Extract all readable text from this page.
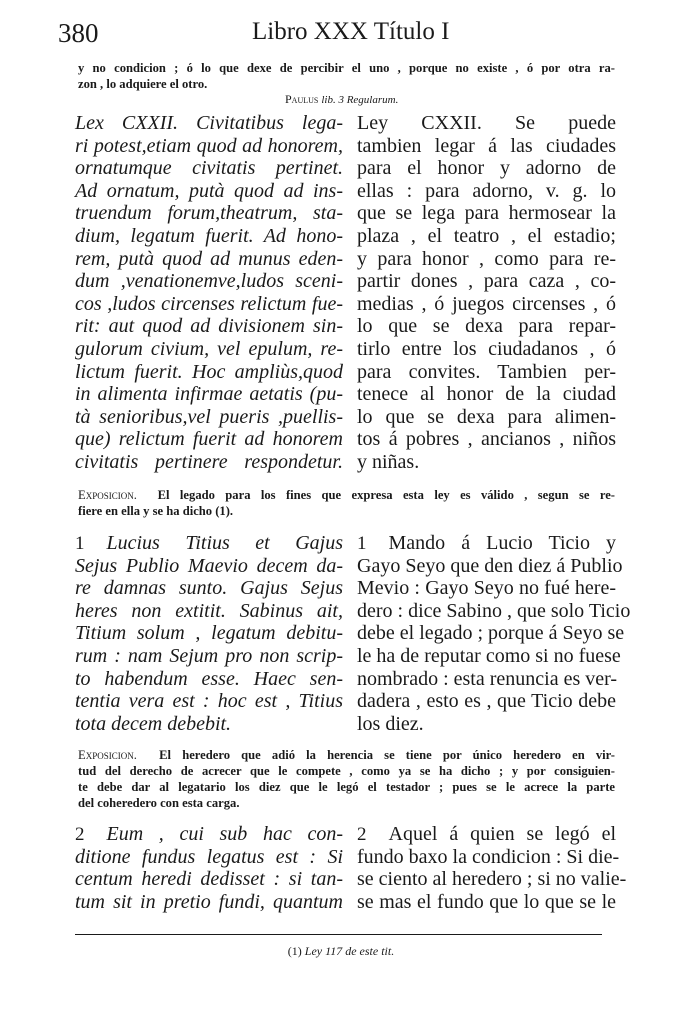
380	Libro XXX Título I
y no condicion ; ó lo que dexe de percibir el uno , porque no existe , ó por otra ra-
zon , lo adquiere el otro.
Paulus lib. 3 Regularum.
Lex CXXII. Civitatibus lega-
ri potest,etiam quod ad honorem,
ornatumque civitatis pertinet.
Ad ornatum, putà quod ad ins-
truendum forum,theatrum, sta-
dium, legatum fuerit. Ad hono-
rem, putà quod ad munus eden-
dum ,venationemve,ludos sceni-
cos ,ludos circenses relictum fue-
rit: aut quod ad divisionem sin-
gulorum civium, vel epulum, re-
lictum fuerit. Hoc ampliùs,quod
in alimenta infirmae aetatis (pu-
tà senioribus,vel pueris ,puellis-
que) relictum fuerit ad honorem
civitatis pertinere respondetur.
Ley CXXII. Se puede
tambien legar á las ciudades
para el honor y adorno de
ellas : para adorno, v. g. lo
que se lega para hermosear la
plaza , el teatro , el estadio;
y para honor , como para re-
partir dones , para caza , co-
medias , ó juegos circenses , ó
lo que se dexa para repar-
tirlo entre los ciudadanos , ó
para convites. Tambien per-
tenece al honor de la ciudad
lo que se dexa para alimen-
tos á pobres , ancianos , niños
y niñas.
Exposicion. El legado para los fines que expresa esta ley es válido , segun se re-
fiere en ella y se ha dicho (1).
1 Lucius Titius et Gajus
Sejus Publio Maevio decem da-
re damnas sunto. Gajus Sejus
heres non extitit. Sabinus ait,
Titium solum , legatum debitu-
rum : nam Sejum pro non scrip-
to habendum esse. Haec sen-
tentia vera est : hoc est , Titius
tota decem debebit.
1 Mando á Lucio Ticio y
Gayo Seyo que den diez á Publio
Mevio : Gayo Seyo no fué here-
dero : dice Sabino , que solo Ticio
debe el legado ; porque á Seyo se
le ha de reputar como si no fuese
nombrado : esta renuncia es ver-
dadera , esto es , que Ticio debe
los diez.
Exposicion. El heredero que adió la herencia se tiene por único heredero en vir-
tud del derecho de acrecer que le compete , como ya se ha dicho ; y por consiguien-
te debe dar al legatario los diez que le legó el testador ; pues se le acrece la parte
del coheredero con esta carga.
2 Eum , cui sub hac con-
ditione fundus legatus est : Si
centum heredi dedisset : si tan-
tum sit in pretio fundi, quantum
2 Aquel á quien se legó el
fundo baxo la condicion : Si die-
se ciento al heredero ; si no valie-
se mas el fundo que lo que se le
(1) Ley 117 de este tit.
